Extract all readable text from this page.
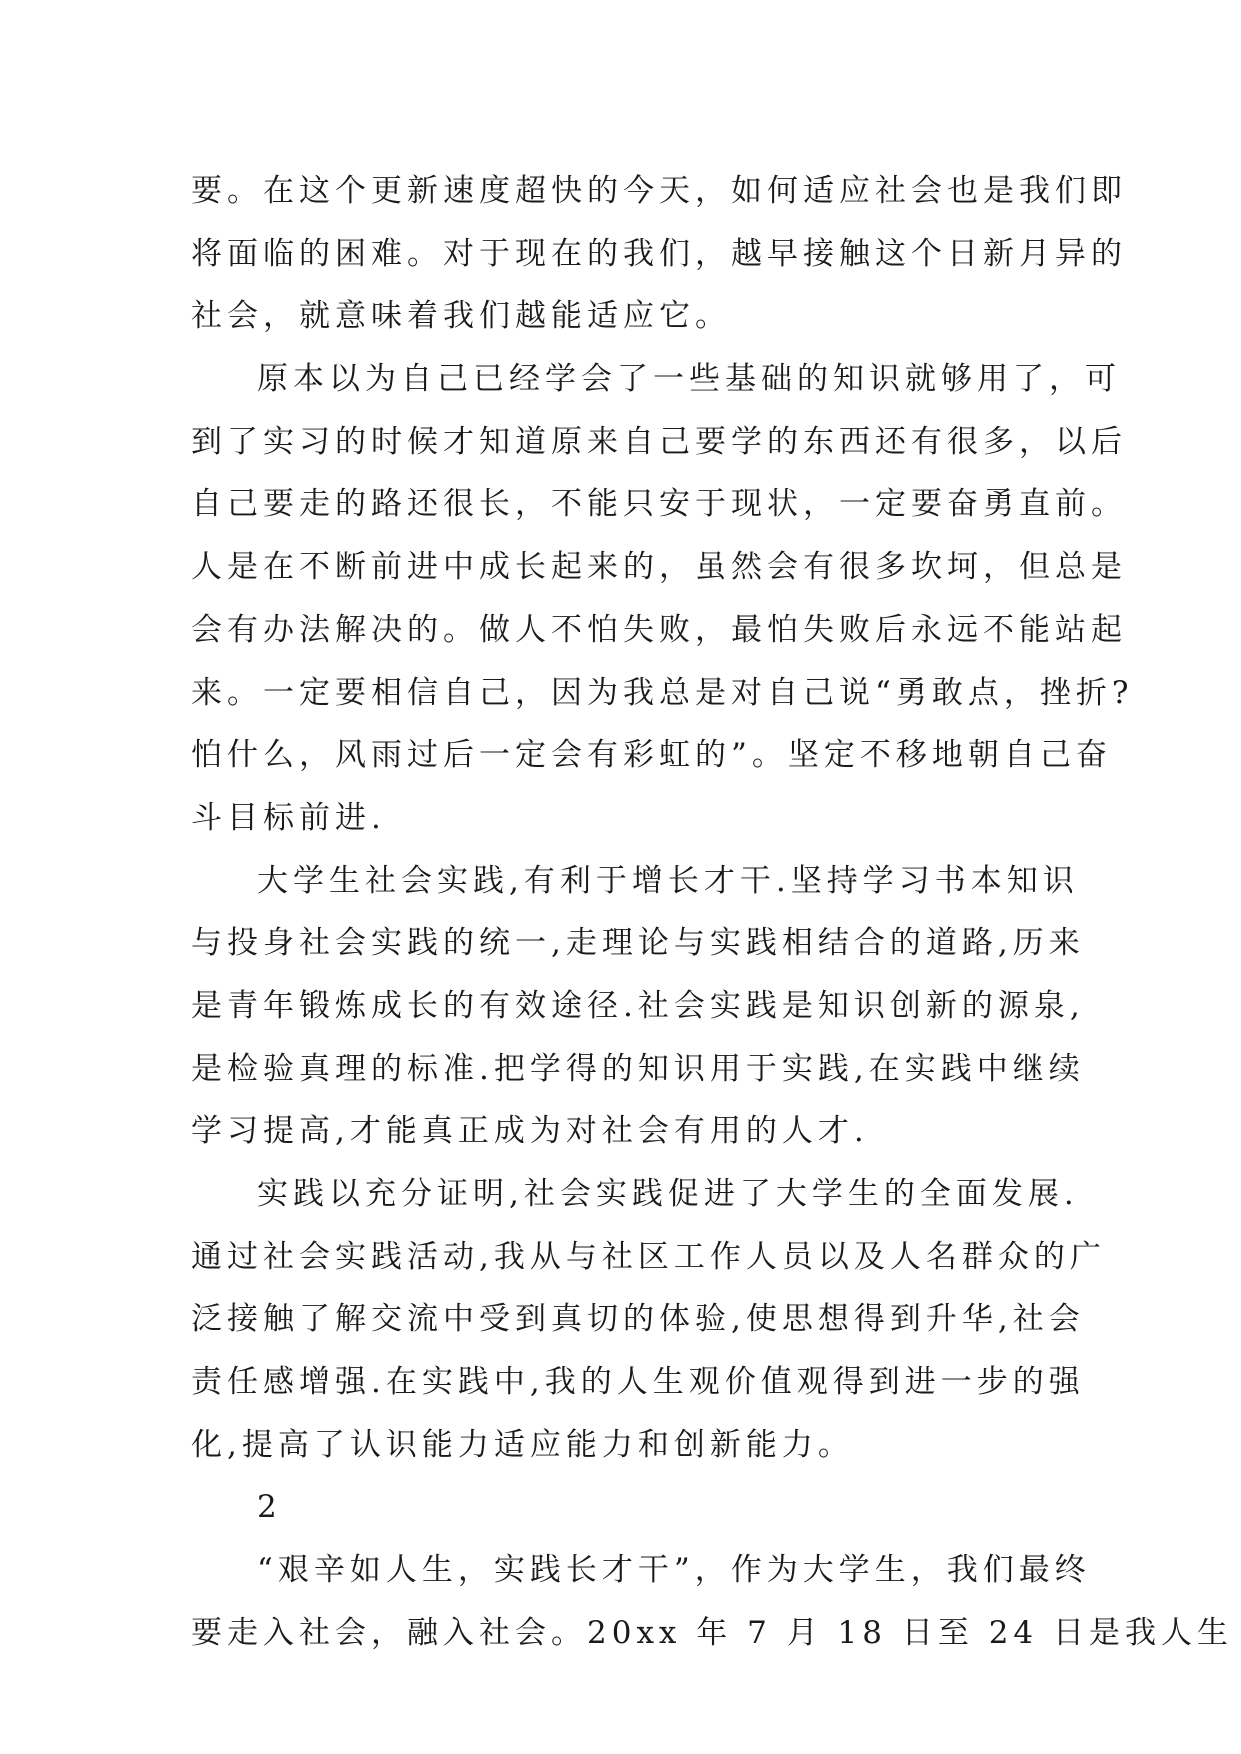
要。在这个更新速度超快的今天，如何适应社会也是我们即
将面临的困难。对于现在的我们，越早接触这个日新月异的
社会，就意味着我们越能适应它。
原本以为自己已经学会了一些基础的知识就够用了，可
到了实习的时候才知道原来自己要学的东西还有很多，以后
自己要走的路还很长，不能只安于现状，一定要奋勇直前。
人是在不断前进中成长起来的，虽然会有很多坎坷，但总是
会有办法解决的。做人不怕失败，最怕失败后永远不能站起
来。一定要相信自己，因为我总是对自己说“勇敢点，挫折?
怕什么，风雨过后一定会有彩虹的”。坚定不移地朝自己奋
斗目标前进.
大学生社会实践,有利于增长才干.坚持学习书本知识
与投身社会实践的统一,走理论与实践相结合的道路,历来
是青年锻炼成长的有效途径.社会实践是知识创新的源泉,
是检验真理的标准.把学得的知识用于实践,在实践中继续
学习提高,才能真正成为对社会有用的人才.
实践以充分证明,社会实践促进了大学生的全面发展.
通过社会实践活动,我从与社区工作人员以及人名群众的广
泛接触了解交流中受到真切的体验,使思想得到升华,社会
责任感增强.在实践中,我的人生观价值观得到进一步的强
化,提高了认识能力适应能力和创新能力。
2
“艰辛如人生，实践长才干”，作为大学生，我们最终
要走入社会，融入社会。20xx 年 7 月 18 日至 24 日是我人生
